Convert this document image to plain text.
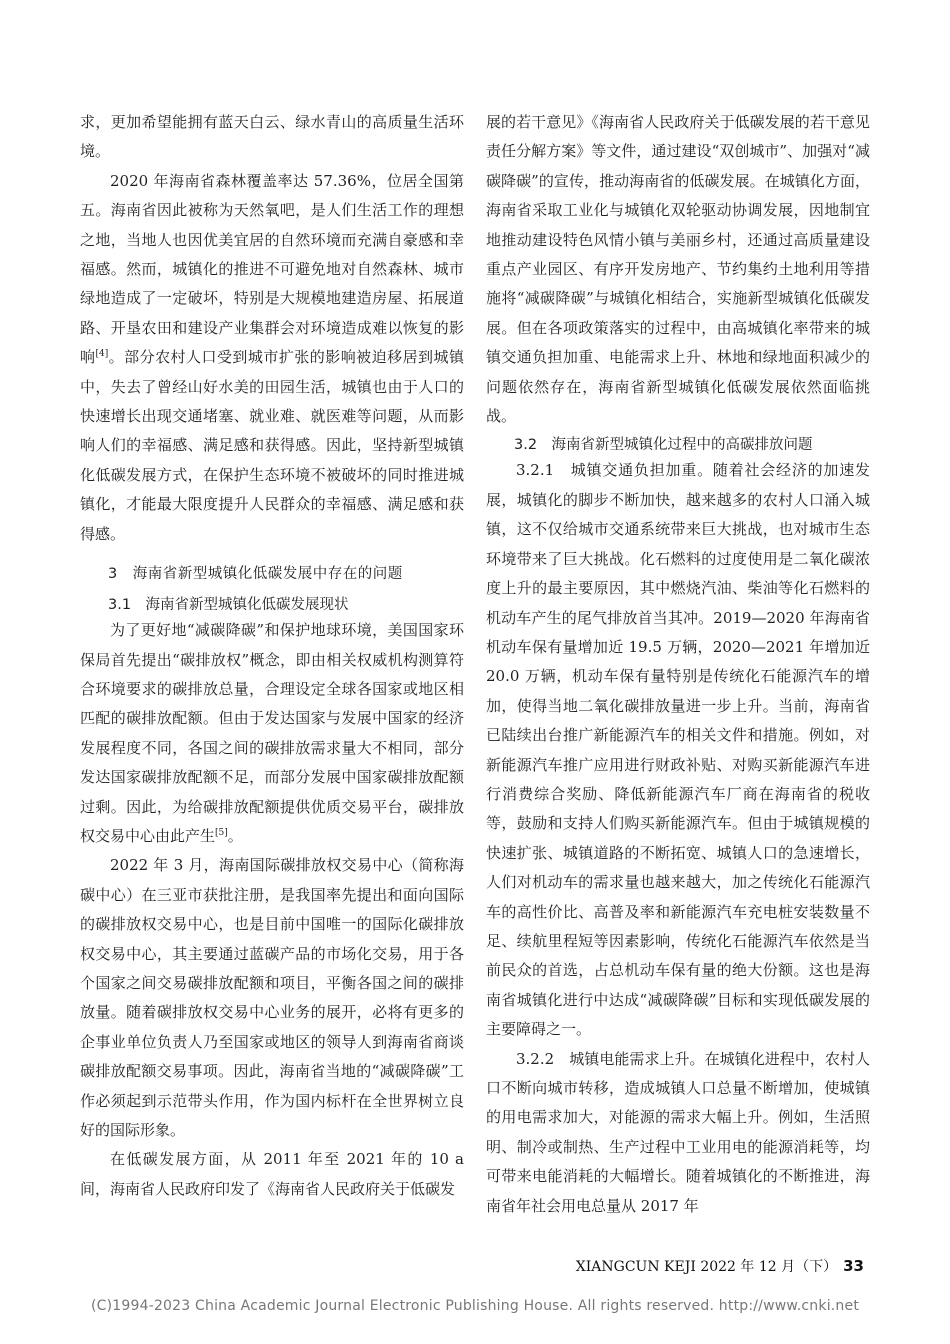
求，更加希望能拥有蓝天白云、绿水青山的高质量生活环境。

2020 年海南省森林覆盖率达 57.36%，位居全国第五。海南省因此被称为天然氧吧，是人们生活工作的理想之地，当地人也因优美宜居的自然环境而充满自豪感和幸福感。然而，城镇化的推进不可避免地对自然森林、城市绿地造成了一定破坏，特别是大规模地建造房屋、拓展道路、开垦农田和建设产业集群会对环境造成难以恢复的影响[4]。部分农村人口受到城市扩张的影响被迫移居到城镇中，失去了曾经山好水美的田园生活，城镇也由于人口的快速增长出现交通堵塞、就业难、就医难等问题，从而影响人们的幸福感、满足感和获得感。因此，坚持新型城镇化低碳发展方式，在保护生态环境不被破坏的同时推进城镇化，才能最大限度提升人民群众的幸福感、满足感和获得感。

3　海南省新型城镇化低碳发展中存在的问题
3.1　海南省新型城镇化低碳发展现状

为了更好地“减碳降碳”和保护地球环境，美国国家环保局首先提出“碳排放权”概念，即由相关权威机构测算符合环境要求的碳排放总量，合理设定全球各国家或地区相匹配的碳排放配额。但由于发达国家与发展中国家的经济发展程度不同，各国之间的碳排放需求量大不相同，部分发达国家碳排放配额不足，而部分发展中国家碳排放配额过剩。因此，为给碳排放配额提供优质交易平台，碳排放权交易中心由此产生[5]。

2022 年 3 月，海南国际碳排放权交易中心（简称海碳中心）在三亚市获批注册，是我国率先提出和面向国际的碳排放权交易中心，也是目前中国唯一的国际化碳排放权交易中心，其主要通过蓝碳产品的市场化交易，用于各个国家之间交易碳排放配额和项目，平衡各国之间的碳排放量。随着碳排放权交易中心业务的展开，必将有更多的企事业单位负责人乃至国家或地区的领导人到海南省商谈碳排放配额交易事项。因此，海南省当地的“减碳降碳”工作必须起到示范带头作用，作为国内标杆在全世界树立良好的国际形象。

在低碳发展方面，从 2011 年至 2021 年的 10 a 间，海南省人民政府印发了《海南省人民政府关于低碳发

展的若干意见》《海南省人民政府关于低碳发展的若干意见责任分解方案》等文件，通过建设“双创城市”、加强对“减碳降碳”的宣传，推动海南省的低碳发展。在城镇化方面，海南省采取工业化与城镇化双轮驱动协调发展，因地制宜地推动建设特色风情小镇与美丽乡村，还通过高质量建设重点产业园区、有序开发房地产、节约集约土地利用等措施将“减碳降碳”与城镇化相结合，实施新型城镇化低碳发展。但在各项政策落实的过程中，由高城镇化率带来的城镇交通负担加重、电能需求上升、林地和绿地面积减少的问题依然存在，海南省新型城镇化低碳发展依然面临挑战。

3.2　海南省新型城镇化过程中的高碳排放问题

3.2.1　城镇交通负担加重。随着社会经济的加速发展，城镇化的脚步不断加快，越来越多的农村人口涌入城镇，这不仅给城市交通系统带来巨大挑战，也对城市生态环境带来了巨大挑战。化石燃料的过度使用是二氧化碳浓度上升的最主要原因，其中燃烧汽油、柴油等化石燃料的机动车产生的尾气排放首当其冲。2019—2020 年海南省机动车保有量增加近 19.5 万辆，2020—2021 年增加近 20.0 万辆，机动车保有量特别是传统化石能源汽车的增加，使得当地二氧化碳排放量进一步上升。当前，海南省已陆续出台推广新能源汽车的相关文件和措施。例如，对新能源汽车推广应用进行财政补贴、对购买新能源汽车进行消费综合奖励、降低新能源汽车厂商在海南省的税收等，鼓励和支持人们购买新能源汽车。但由于城镇规模的快速扩张、城镇道路的不断拓宽、城镇人口的急速增长，人们对机动车的需求量也越来越大，加之传统化石能源汽车的高性价比、高普及率和新能源汽车充电桩安装数量不足、续航里程短等因素影响，传统化石能源汽车依然是当前民众的首选，占总机动车保有量的绝大份额。这也是海南省城镇化进行中达成“减碳降碳”目标和实现低碳发展的主要障碍之一。

3.2.2　城镇电能需求上升。在城镇化进程中，农村人口不断向城市转移，造成城镇人口总量不断增加，使城镇的用电需求加大，对能源的需求大幅上升。例如，生活照明、制冷或制热、生产过程中工业用电的能源消耗等，均可带来电能消耗的大幅增长。随着城镇化的不断推进，海南省年社会用电总量从 2017 年

XIANGCUN KEJI 2022 年 12 月（下） 33
(C)1994-2023 China Academic Journal Electronic Publishing House. All rights reserved. http://www.cnki.net
